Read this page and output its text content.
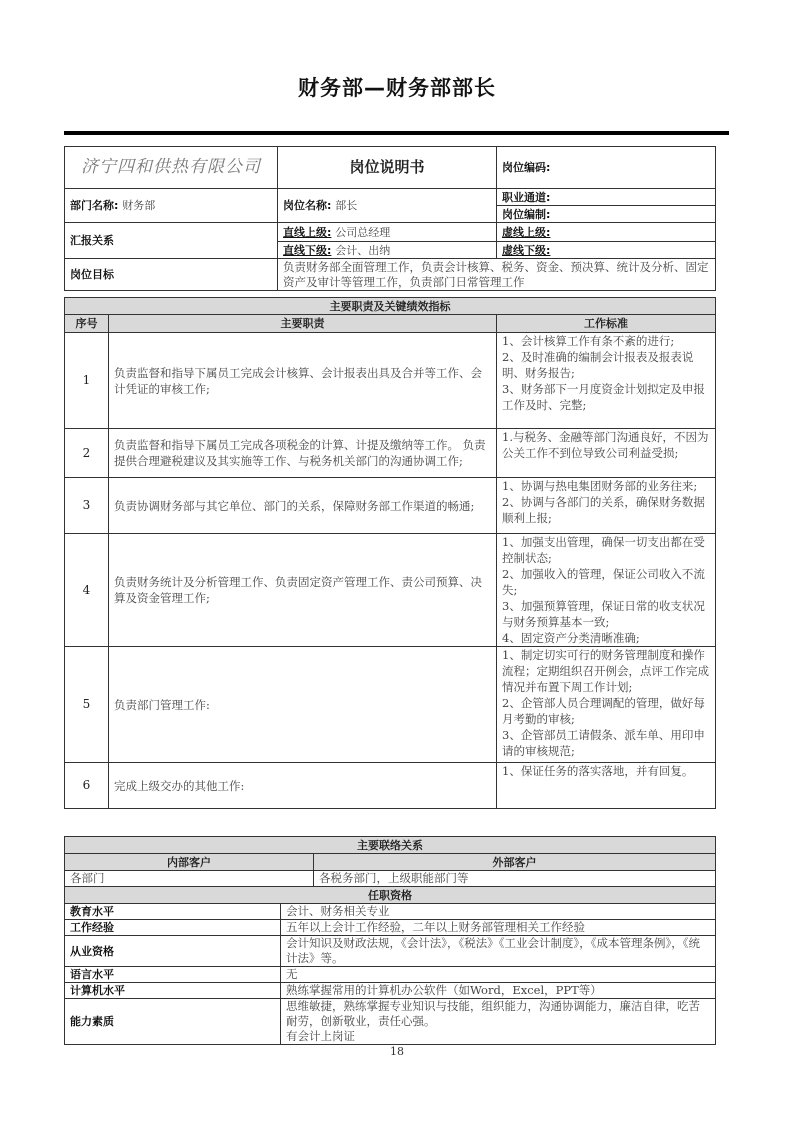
财务部—财务部部长
济宁四和供热有限公司	岗位说明书	岗位编码:
部门名称: 财务部	岗位名称: 部长	职业通道:
		岗位编制:
汇报关系	直线上级: 公司总经理	虚线上级:
	直线下级: 会计、出纳	虚线下级:
岗位目标	负责财务部全面管理工作，负责会计核算、税务、资金、预决算、统计及分析、固定资产及审计等管理工作，负责部门日常管理工作	
主要职责及关键绩效指标		
序号	主要职责	工作标准
1	负责监督和指导下属员工完成会计核算、会计报表出具及合并等工作、会计凭证的审核工作;	1、会计核算工作有条不紊的进行;
2、及时准确的编制会计报表及报表说明、财务报告;
3、财务部下一月度资金计划拟定及申报工作及时、完整;
2	负责监督和指导下属员工完成各项税金的计算、计提及缴纳等工作。 负责提供合理避税建议及其实施等工作、与税务机关部门的沟通协调工作;	1.与税务、金融等部门沟通良好，不因为公关工作不到位导致公司利益受损;
3	负责协调财务部与其它单位、部门的关系，保障财务部工作渠道的畅通;	1、协调与热电集团财务部的业务往来;
2、协调与各部门的关系，确保财务数据顺利上报;
4	负责财务统计及分析管理工作、负责固定资产管理工作、责公司预算、决算及资金管理工作;	1、加强支出管理，确保一切支出都在受控制状态;
2、加强收入的管理，保证公司收入不流失;
3、加强预算管理，保证日常的收支状况与财务预算基本一致;
4、固定资产分类清晰准确;
5	负责部门管理工作:	1、制定切实可行的财务管理制度和操作流程；定期组织召开例会，点评工作完成情况并布置下周工作计划;
2、企管部人员合理调配的管理，做好每月考勤的审核;
3、企管部员工请假条、派车单、用印申请的审核规范;
6	完成上级交办的其他工作:	1、保证任务的落实落地，并有回复。
主要联络关系		
内部客户		外部客户
各部门		各税务部门，上级职能部门等
任职资格		
教育水平	会计、财务相关专业	
工作经验	五年以上会计工作经验，二年以上财务部管理相关工作经验	
从业资格	会计知识及财政法规，《会计法》，《税法》《工业会计制度》，《成本管理条例》，《统计法》等。	
语言水平	无	
计算机水平	熟练掌握常用的计算机办公软件（如Word，Excel，PPT等）	
能力素质	思维敏捷，熟练掌握专业知识与技能，组织能力，沟通协调能力，廉洁自律，吃苦耐劳，创新敬业，责任心强。
有会计上岗证	
18
